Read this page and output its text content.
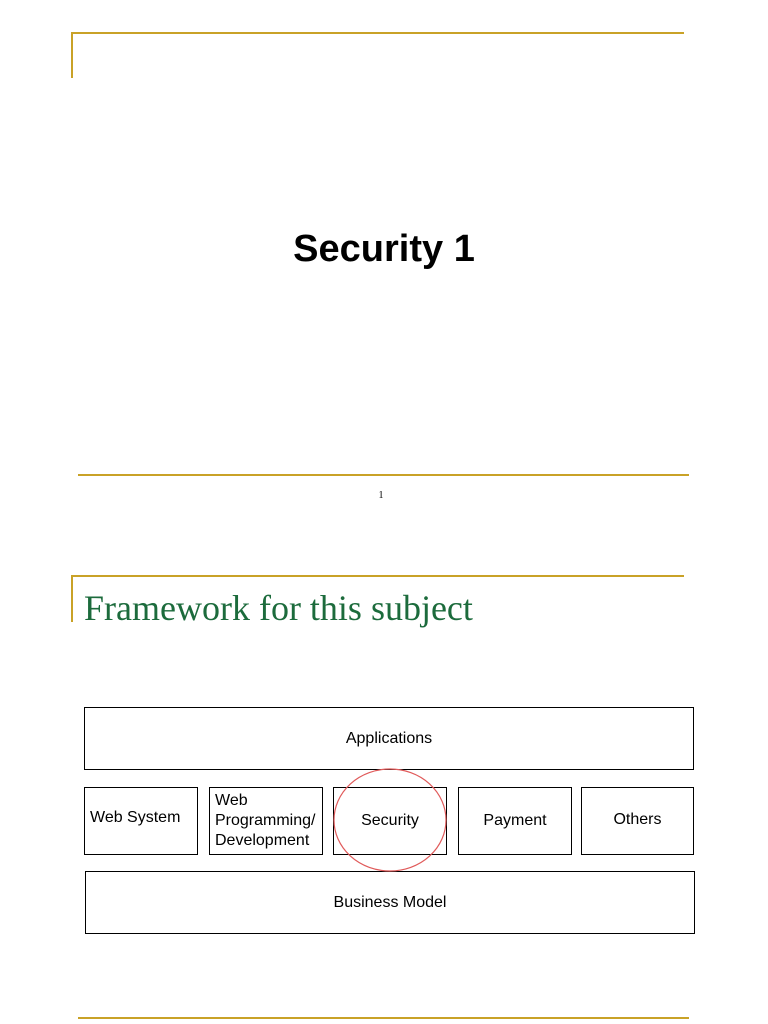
Security 1
1
Framework for this subject
Applications
Web System
Web
Programming/
Development
Security	Payment	Others
Business Model
